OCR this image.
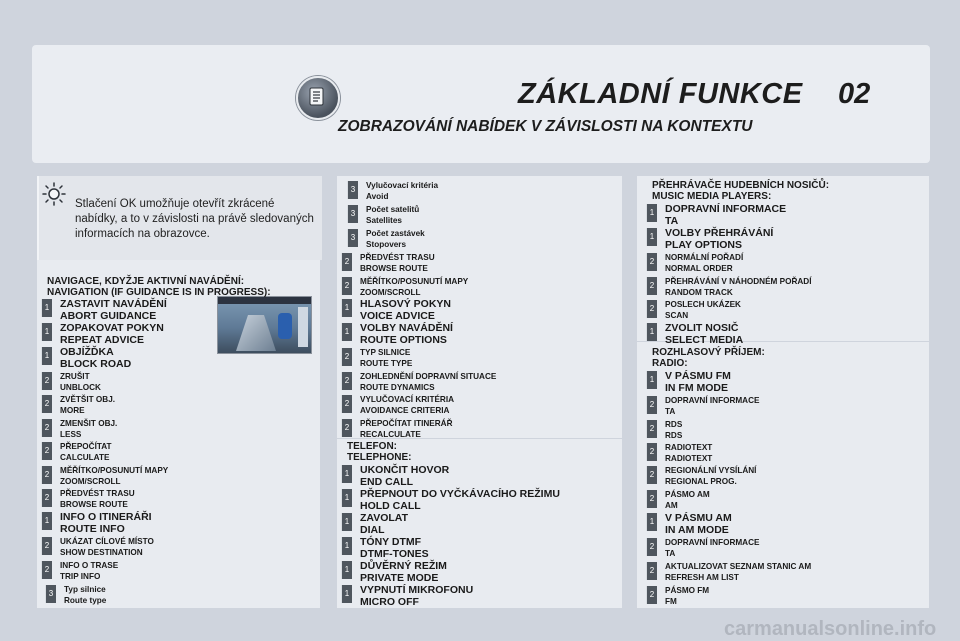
ZÁKLADNÍ FUNKCE 02
ZOBRAZOVÁNÍ NABÍDEK V ZÁVISLOSTI NA KONTEXTU
Stlačení OK umožňuje otevřít zkrácené nabídky, a to v závislosti na právě sledovaných informacích na obrazovce.
NAVIGACE, KDYŽJE AKTIVNÍ NAVÁDĚNÍ:
NAVIGATION (IF GUIDANCE IS IN PROGRESS):
ZASTAVIT NAVÁDĚNÍ
1
ABORT GUIDANCE
ZOPAKOVAT POKYN
1
REPEAT ADVICE
OBJÍŽĎKA
1
BLOCK ROAD
ZRUŠIT
2
UNBLOCK
ZVĚTŠIT OBJ.
2
MORE
ZMENŠIT OBJ.
2
LESS
PŘEPOČÍTAT
2
CALCULATE
MĚŘÍTKO/POSUNUTÍ MAPY
2
ZOOM/SCROLL
PŘEDVÉST TRASU
2
BROWSE ROUTE
INFO O ITINERÁŘI
1
ROUTE INFO
UKÁZAT CÍLOVÉ MÍSTO
2
SHOW DESTINATION
INFO O TRASE
2
TRIP INFO
Typ silnice
3
Route type
Vylučovací kritéria
3
Avoid
Počet satelitů
3
Satellites
Počet zastávek
3
Stopovers
PŘEDVÉST TRASU
2
BROWSE ROUTE
MĚŘÍTKO/POSUNUTÍ MAPY
2
ZOOM/SCROLL
HLASOVÝ POKYN
1
VOICE ADVICE
VOLBY NAVÁDĚNÍ
1
ROUTE OPTIONS
TYP SILNICE
2
ROUTE TYPE
ZOHLEDNĚNÍ DOPRAVNÍ SITUACE
2
ROUTE DYNAMICS
VYLUČOVACÍ KRITÉRIA
2
AVOIDANCE CRITERIA
PŘEPOČÍTAT ITINERÁŘ
2
RECALCULATE
TELEFON:
TELEPHONE:
UKONČIT HOVOR
1
END CALL
PŘEPNOUT DO VYČKÁVACÍHO REŽIMU
1
HOLD CALL
ZAVOLAT
1
DIAL
TÓNY DTMF
1
DTMF-TONES
DŮVĚRNÝ REŽIM
1
PRIVATE MODE
VYPNUTÍ MIKROFONU
1
MICRO OFF
PŘEHRÁVAČE HUDEBNÍCH NOSIČŮ:
MUSIC MEDIA PLAYERS:
DOPRAVNÍ INFORMACE
1
TA
VOLBY PŘEHRÁVÁNÍ
1
PLAY OPTIONS
NORMÁLNÍ POŘADÍ
2
NORMAL ORDER
PŘEHRÁVÁNÍ V NÁHODNÉM POŘADÍ
2
RANDOM TRACK
POSLECH UKÁZEK
2
SCAN
ZVOLIT NOSIČ
1
SELECT MEDIA
ROZHLASOVÝ PŘÍJEM:
RADIO:
V PÁSMU FM
1
IN FM MODE
DOPRAVNÍ INFORMACE
2
TA
RDS
2
RDS
RADIOTEXT
2
RADIOTEXT
REGIONÁLNÍ VYSÍLÁNÍ
2
REGIONAL PROG.
PÁSMO AM
2
AM
V PÁSMU AM
1
IN AM MODE
DOPRAVNÍ INFORMACE
2
TA
AKTUALIZOVAT SEZNAM STANIC AM
2
REFRESH AM LIST
PÁSMO FM
2
FM
carmanualsonline.info
